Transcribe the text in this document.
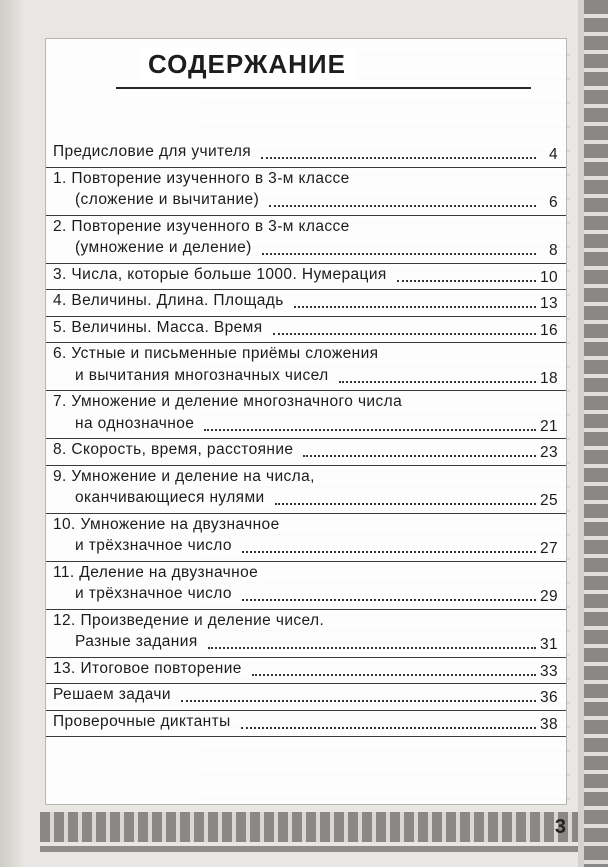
3
СОДЕРЖАНИЕ
Предисловие для учителя	4
1. Повторение изученного в 3-м классе
(сложение и вычитание)	6
2. Повторение изученного в 3-м классе
(умножение и деление)	8
3. Числа, которые больше 1000. Нумерация	10
4. Величины. Длина. Площадь	13
5. Величины. Масса. Время	16
6. Устные и письменные приёмы сложения
и вычитания многозначных чисел	18
7. Умножение и деление многозначного числа
на однозначное	21
8. Скорость, время, расстояние	23
9. Умножение и деление на числа,
оканчивающиеся нулями	25
10. Умножение на двузначное
и трёхзначное число	27
11. Деление на двузначное
и трёхзначное число	29
12. Произведение и деление чисел.
Разные задания	31
13. Итоговое повторение	33
Решаем задачи	36
Проверочные диктанты	38
